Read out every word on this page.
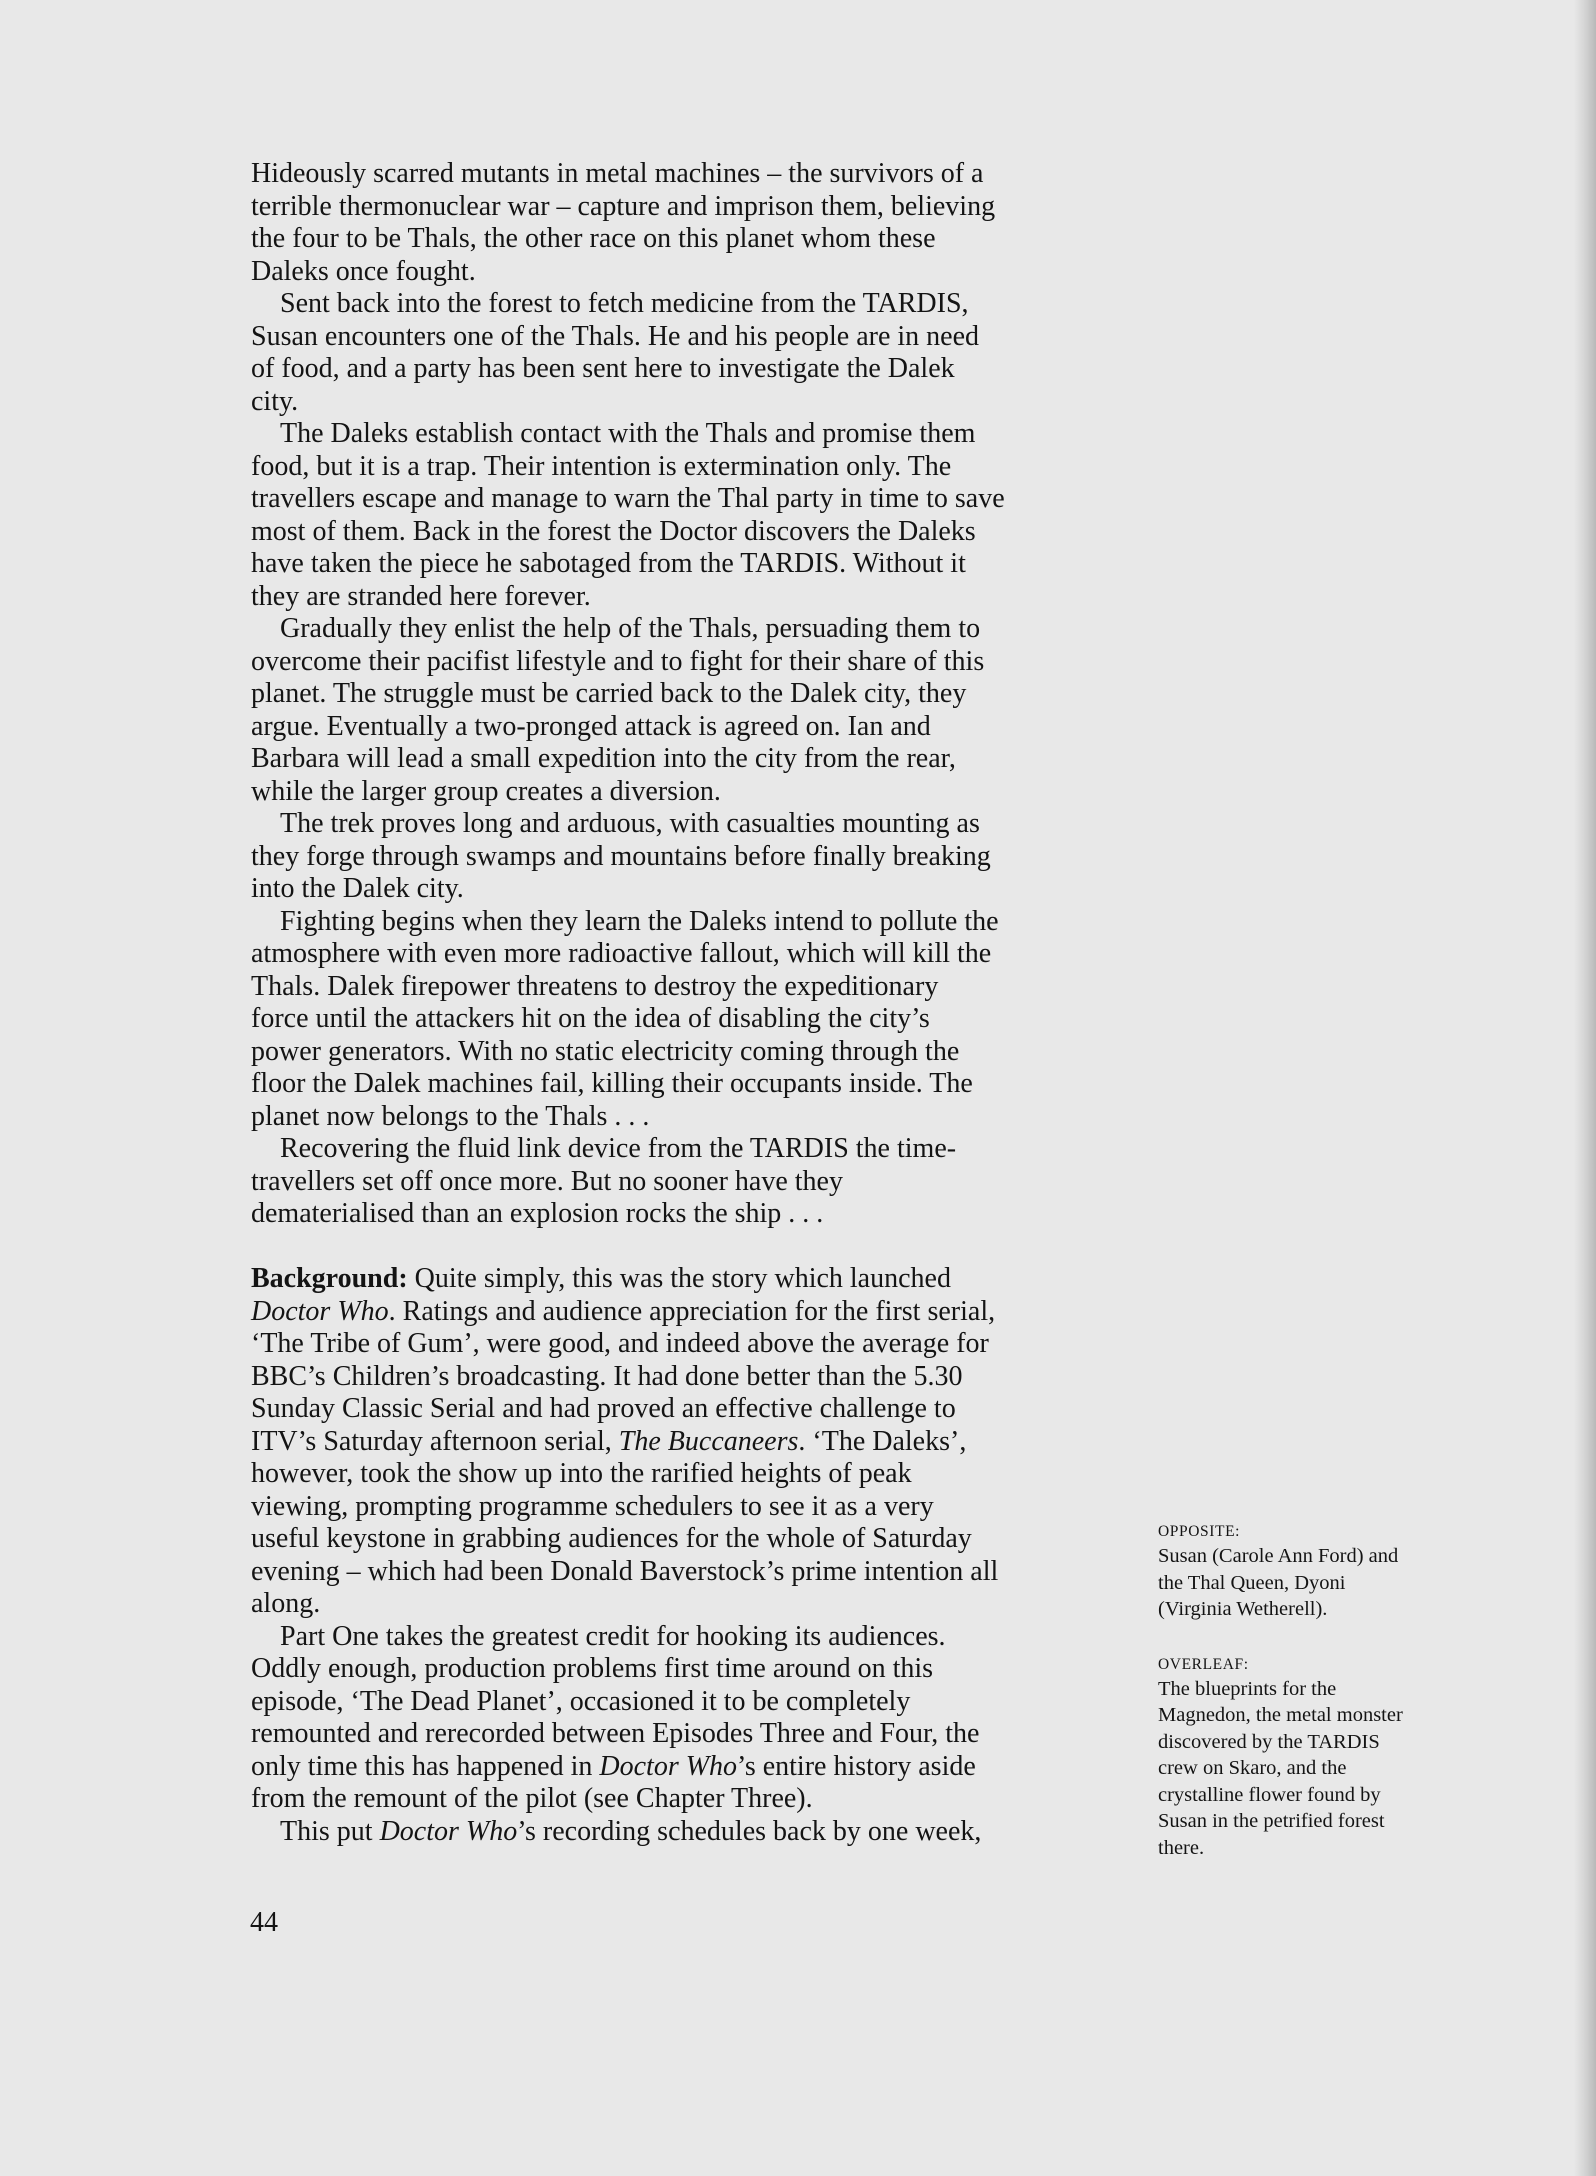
Hideously scarred mutants in metal machines – the survivors of a
terrible thermonuclear war – capture and imprison them, believing
the four to be Thals, the other race on this planet whom these
Daleks once fought.
Sent back into the forest to fetch medicine from the TARDIS,
Susan encounters one of the Thals. He and his people are in need
of food, and a party has been sent here to investigate the Dalek
city.
The Daleks establish contact with the Thals and promise them
food, but it is a trap. Their intention is extermination only. The
travellers escape and manage to warn the Thal party in time to save
most of them. Back in the forest the Doctor discovers the Daleks
have taken the piece he sabotaged from the TARDIS. Without it
they are stranded here forever.
Gradually they enlist the help of the Thals, persuading them to
overcome their pacifist lifestyle and to fight for their share of this
planet. The struggle must be carried back to the Dalek city, they
argue. Eventually a two-pronged attack is agreed on. Ian and
Barbara will lead a small expedition into the city from the rear,
while the larger group creates a diversion.
The trek proves long and arduous, with casualties mounting as
they forge through swamps and mountains before finally breaking
into the Dalek city.
Fighting begins when they learn the Daleks intend to pollute the
atmosphere with even more radioactive fallout, which will kill the
Thals. Dalek firepower threatens to destroy the expeditionary
force until the attackers hit on the idea of disabling the city’s
power generators. With no static electricity coming through the
floor the Dalek machines fail, killing their occupants inside. The
planet now belongs to the Thals . . .
Recovering the fluid link device from the TARDIS the time-
travellers set off once more. But no sooner have they
dematerialised than an explosion rocks the ship . . .
Background: Quite simply, this was the story which launched
Doctor Who. Ratings and audience appreciation for the first serial,
‘The Tribe of Gum’, were good, and indeed above the average for
BBC’s Children’s broadcasting. It had done better than the 5.30
Sunday Classic Serial and had proved an effective challenge to
ITV’s Saturday afternoon serial, The Buccaneers. ‘The Daleks’,
however, took the show up into the rarified heights of peak
viewing, prompting programme schedulers to see it as a very
useful keystone in grabbing audiences for the whole of Saturday
evening – which had been Donald Baverstock’s prime intention all
along.
Part One takes the greatest credit for hooking its audiences.
Oddly enough, production problems first time around on this
episode, ‘The Dead Planet’, occasioned it to be completely
remounted and rerecorded between Episodes Three and Four, the
only time this has happened in Doctor Who’s entire history aside
from the remount of the pilot (see Chapter Three).
This put Doctor Who’s recording schedules back by one week,
44
OPPOSITE:
Susan (Carole Ann Ford) and
the Thal Queen, Dyoni
(Virginia Wetherell).
OVERLEAF:
The blueprints for the
Magnedon, the metal monster
discovered by the TARDIS
crew on Skaro, and the
crystalline flower found by
Susan in the petrified forest
there.
